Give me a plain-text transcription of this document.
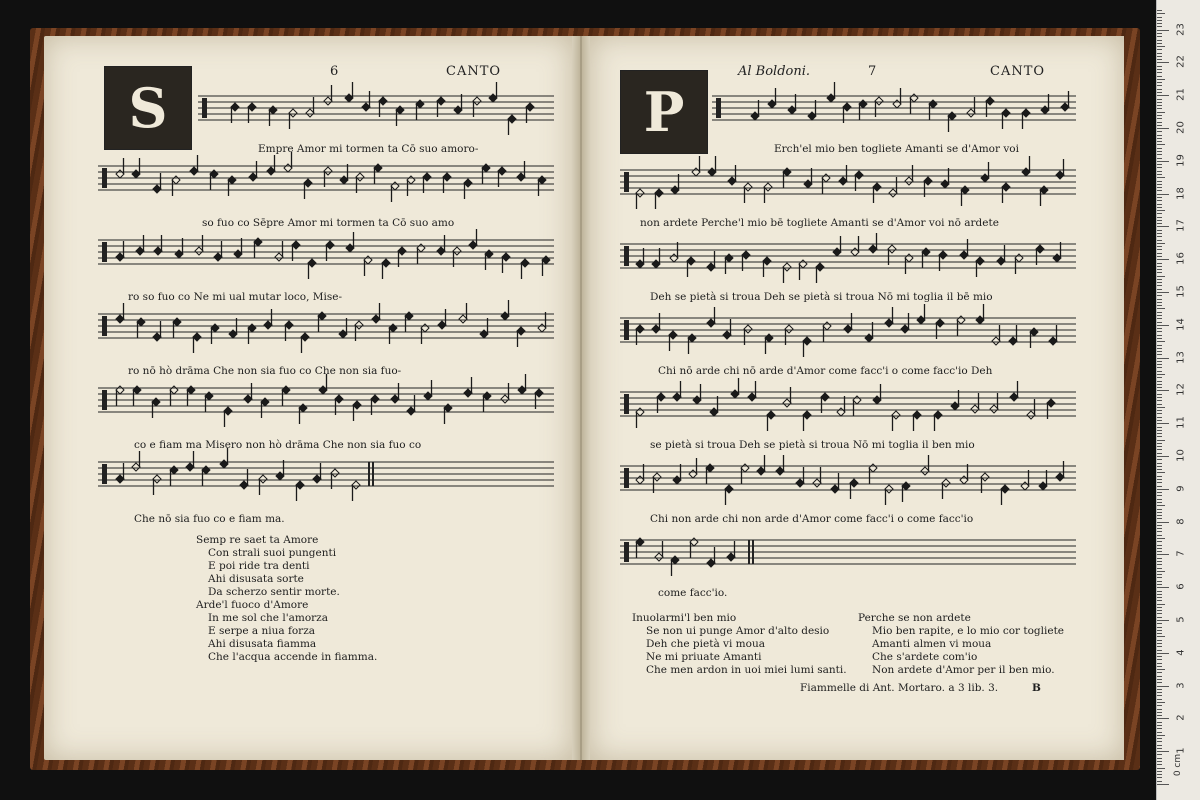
6	CANTO
S
Al Boldoni.	7	CANTO
P
Empre Amor mi tormen ta Cō suo amoro-
so fuo co Sēpre Amor mi tormen ta Cō suo amo
ro so fuo co Ne mi ual mutar loco, Mise-
ro nō hò drāma Che non sia fuo co Che non sia fuo-
co e fiam ma Misero non hò drāma Che non sia fuo co
Che nō sia fuo co e fiam ma.
Semp re saet ta Amore
Con strali suoi pungenti
E poi ride tra denti
Ahi disusata sorte
Da scherzo sentir morte.
Arde'l fuoco d'Amore
In me sol che l'amorza
E serpe a niua forza
Ahi disusata fiamma
Che l'acqua accende in fiamma.
Erch'el mio ben togliete Amanti se d'Amor voi
non ardete Perche'l mio bē togliete Amanti se d'Amor voi nō ardete
Deh se pietà si troua Deh se pietà si troua Nō mi toglia il bē mio
Chi nō arde chi nō arde d'Amor come facc'i o come facc'io Deh
se pietà si troua Deh se pietà si troua Nō mi toglia il ben mio
Chi non arde chi non arde d'Amor come facc'i o come facc'io
come facc'io.
Inuolarmi'l ben mio
Se non ui punge Amor d'alto desio
Deh che pietà vi moua
Ne mi priuate Amanti
Che men ardon in uoi miei lumi santi.
Perche se non ardete
Mio ben rapite, e lo mio cor togliete
Amanti almen vi moua
Che s'ardete com'io
Non ardete d'Amor per il ben mio.
Fiammelle di Ant. Mortaro. a 3 lib. 3.	B
0 cm
1
2
3
4
5
6
7
8
9
10
11
12
13
14
15
16
17
18
19
20
21
22
23
